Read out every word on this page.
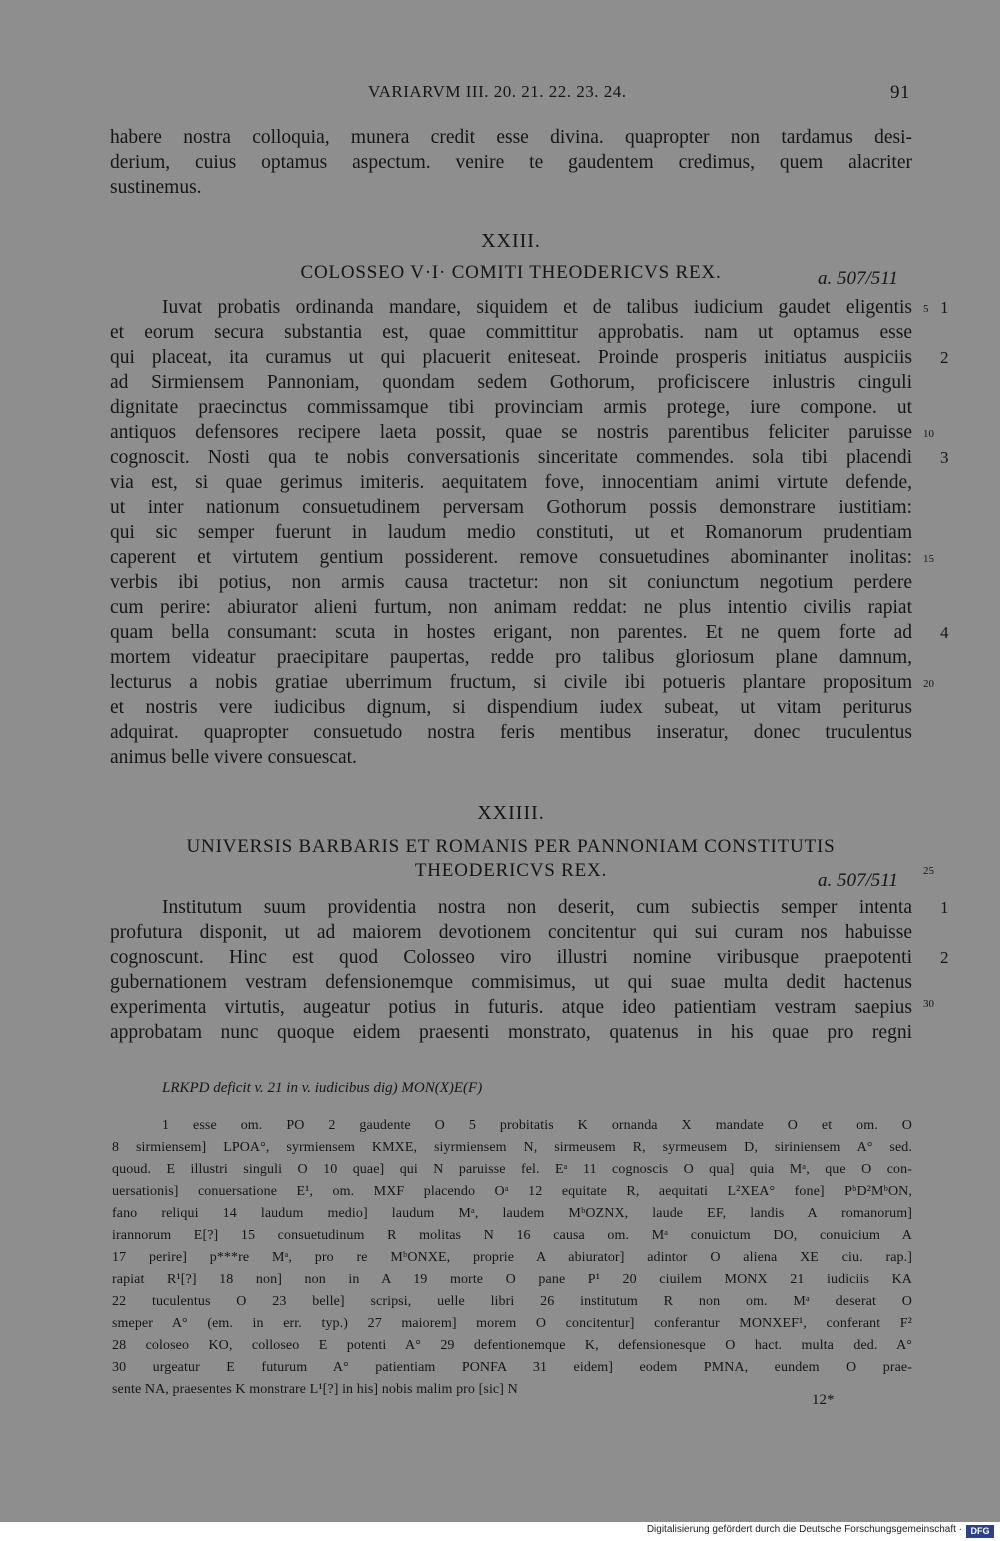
VARIARVM III. 20. 21. 22. 23. 24.	91
habere nostra colloquia, munera credit esse divina. quapropter non tardamus desi-
derium, cuius optamus aspectum. venire te gaudentem credimus, quem alacriter
sustinemus.
XXIII.
COLOSSEO V·I· COMITI THEODERICVS REX.	a. 507/511
Iuvat probatis ordinanda mandare, siquidem et de talibus iudicium gaudet eligentis
et eorum secura substantia est, quae committitur approbatis. nam ut optamus esse
qui placeat, ita curamus ut qui placuerit eniteseat. Proinde prosperis initiatus auspiciis
ad Sirmiensem Pannoniam, quondam sedem Gothorum, proficiscere inlustris cinguli
dignitate praecinctus commissamque tibi provinciam armis protege, iure compone. ut
antiquos defensores recipere laeta possit, quae se nostris parentibus feliciter paruisse
cognoscit. Nosti qua te nobis conversationis sinceritate commendes. sola tibi placendi
via est, si quae gerimus imiteris. aequitatem fove, innocentiam animi virtute defende,
ut inter nationum consuetudinem perversam Gothorum possis demonstrare iustitiam:
qui sic semper fuerunt in laudum medio constituti, ut et Romanorum prudentiam
caperent et virtutem gentium possiderent. remove consuetudines abominanter inolitas:
verbis ibi potius, non armis causa tractetur: non sit coniunctum negotium perdere
cum perire: abiurator alieni furtum, non animam reddat: ne plus intentio civilis rapiat
quam bella consumant: scuta in hostes erigant, non parentes. Et ne quem forte ad
mortem videatur praecipitare paupertas, redde pro talibus gloriosum plane damnum,
lecturus a nobis gratiae uberrimum fructum, si civile ibi potueris plantare propositum
et nostris vere iudicibus dignum, si dispendium iudex subeat, ut vitam periturus
adquirat. quapropter consuetudo nostra feris mentibus inseratur, donec truculentus
animus belle vivere consuescat.
5
10
15
20
1
2
3
4
XXIIII.
UNIVERSIS BARBARIS ET ROMANIS PER PANNONIAM CONSTITUTIS
THEODERICVS REX.	a. 507/511
Institutum suum providentia nostra non deserit, cum subiectis semper intenta
profutura disponit, ut ad maiorem devotionem concitentur qui sui curam nos habuisse
cognoscunt. Hinc est quod Colosseo viro illustri nomine viribusque praepotenti
gubernationem vestram defensionemque commisimus, ut qui suae multa dedit hactenus
experimenta virtutis, augeatur potius in futuris. atque ideo patientiam vestram saepius
approbatam nunc quoque eidem praesenti monstrato, quatenus in his quae pro regni
25
30
1
2
LRKPD deficit v. 21 in v. iudicibus dig) MON(X)E(F)
1 esse om. PO 2 gaudente O 5 probitatis K ornanda X mandate O et om. O
8 sirmiensem] LPOA°, syrmiensem KMXE, siyrmiensem N, sirmeusem R, syrmeusem D, siriniensem A° sed.
quoud. E illustri singuli O 10 quae] qui N paruisse fel. Eᵃ 11 cognoscis O qua] quia Mᵃ, que O con-
uersationis] conuersatione E¹, om. MXF placendo Oᵃ 12 equitate R, aequitati L²XEA° fone] PᵇD²MᵇON,
fano reliqui 14 laudum medio] laudum Mᵃ, laudem MᵇOZNX, laude EF, landis A romanorum]
irannorum E[?] 15 consuetudinum R molitas N 16 causa om. Mᵃ conuictum DO, conuicium A
17 perire] p***re Mᵃ, pro re MᵇONXE, proprie A abiurator] adintor O aliena XE ciu. rap.]
rapiat R¹[?] 18 non] non in A 19 morte O pane P¹ 20 ciuilem MONX 21 iudiciis KA
22 tuculentus O 23 belle] scripsi, uelle libri 26 institutum R non om. Mᵃ deserat O
smeper A° (em. in err. typ.) 27 maiorem] morem O concitentur] conferantur MONXEF¹, conferant F²
28 coloseo KO, colloseo E potenti A° 29 defentionemque K, defensionesque O hact. multa ded. A°
30 urgeatur E futurum A° patientiam PONFA 31 eidem] eodem PMNA, eundem O prae-
sente NA, praesentes K monstrare L¹[?] in his] nobis malim pro [sic] N
12*
Digitalisierung gefördert durch die Deutsche Forschungsgemeinschaft · DFG
